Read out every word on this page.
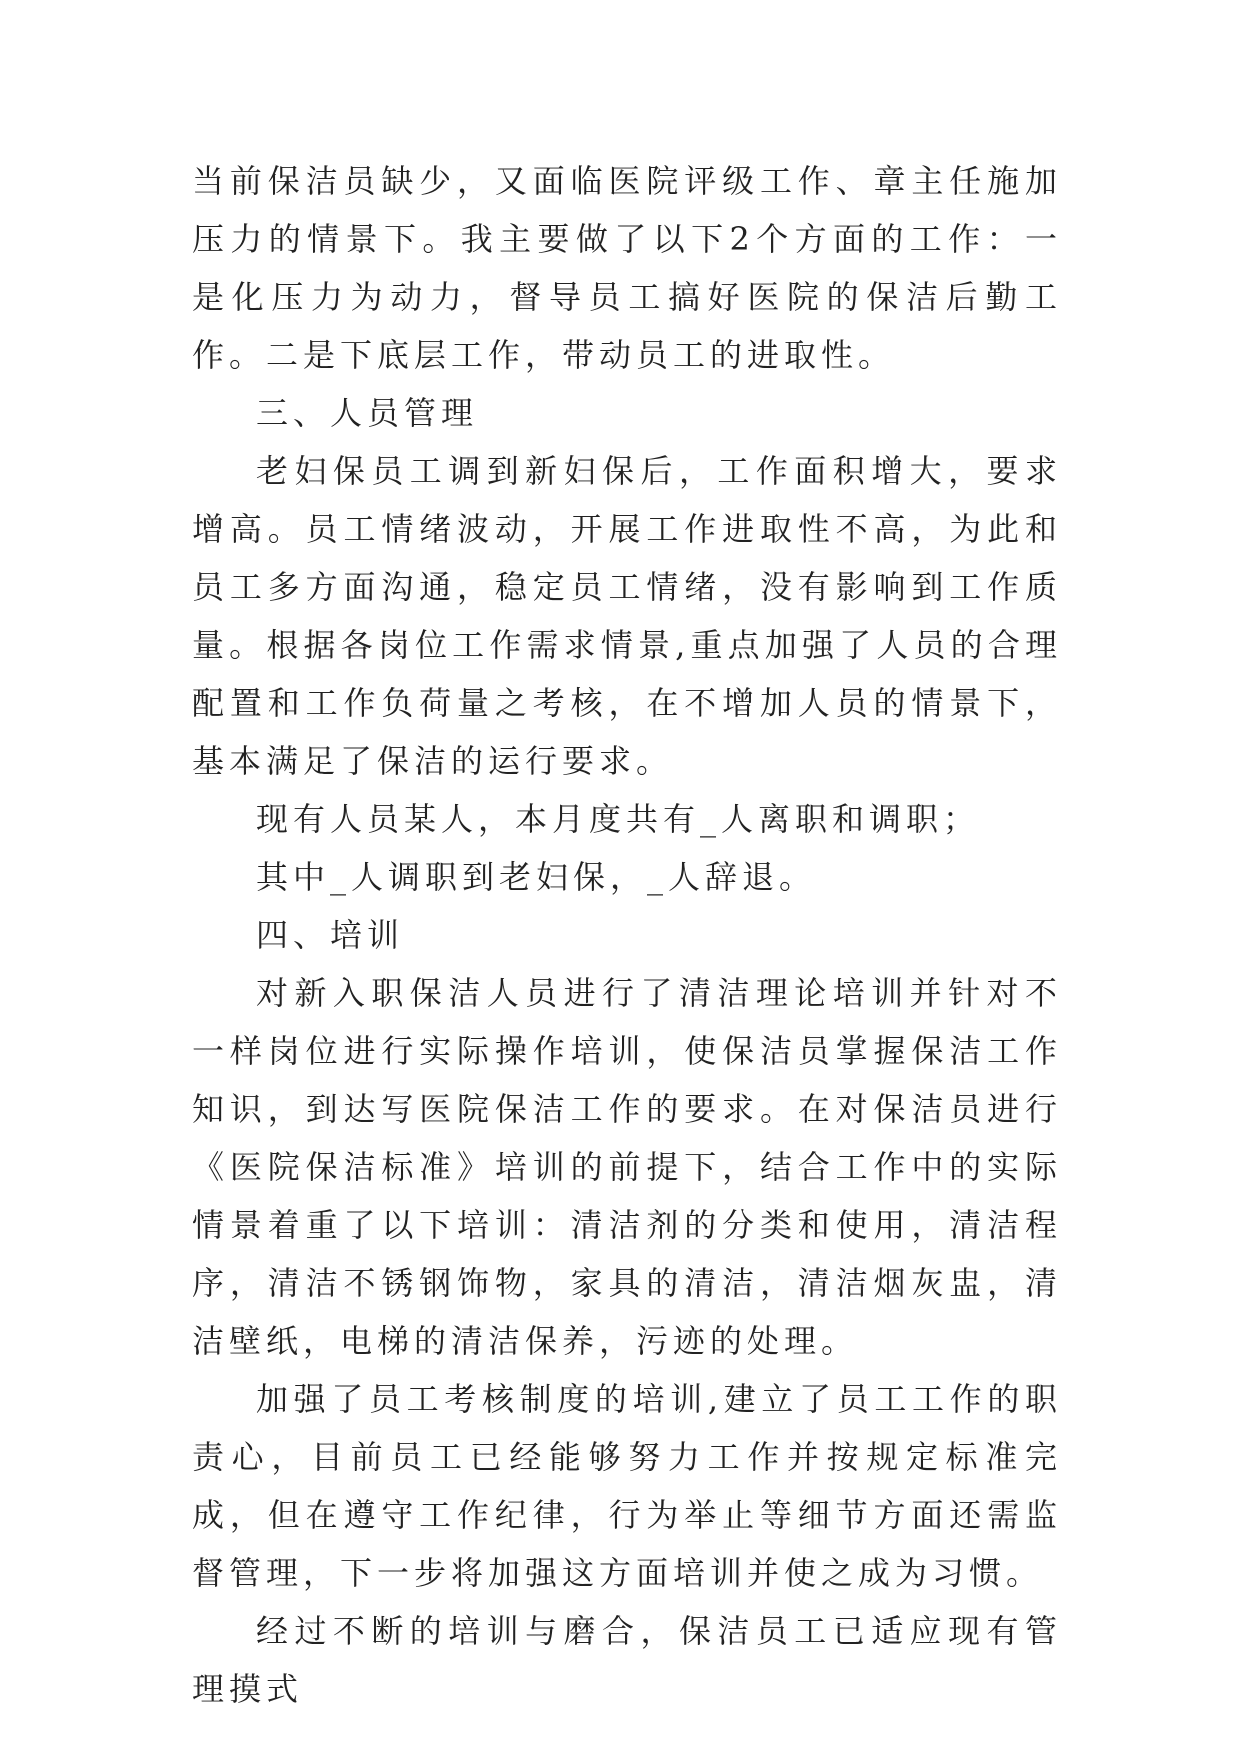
当前保洁员缺少，又面临医院评级工作、章主任施加压力的情景下。我主要做了以下2个方面的工作：一是化压力为动力，督导员工搞好医院的保洁后勤工作。二是下底层工作，带动员工的进取性。

三、人员管理

老妇保员工调到新妇保后，工作面积增大，要求增高。员工情绪波动，开展工作进取性不高，为此和员工多方面沟通，稳定员工情绪，没有影响到工作质量。根据各岗位工作需求情景,重点加强了人员的合理配置和工作负荷量之考核，在不增加人员的情景下，基本满足了保洁的运行要求。

现有人员某人，本月度共有_人离职和调职；

其中_人调职到老妇保，_人辞退。

四、培训

对新入职保洁人员进行了清洁理论培训并针对不一样岗位进行实际操作培训，使保洁员掌握保洁工作知识，到达写医院保洁工作的要求。在对保洁员进行《医院保洁标准》培训的前提下，结合工作中的实际情景着重了以下培训：清洁剂的分类和使用，清洁程序，清洁不锈钢饰物，家具的清洁，清洁烟灰盅，清洁壁纸，电梯的清洁保养，污迹的处理。

加强了员工考核制度的培训,建立了员工工作的职责心，目前员工已经能够努力工作并按规定标准完成，但在遵守工作纪律，行为举止等细节方面还需监督管理，下一步将加强这方面培训并使之成为习惯。

经过不断的培训与磨合，保洁员工已适应现有管理摸式
